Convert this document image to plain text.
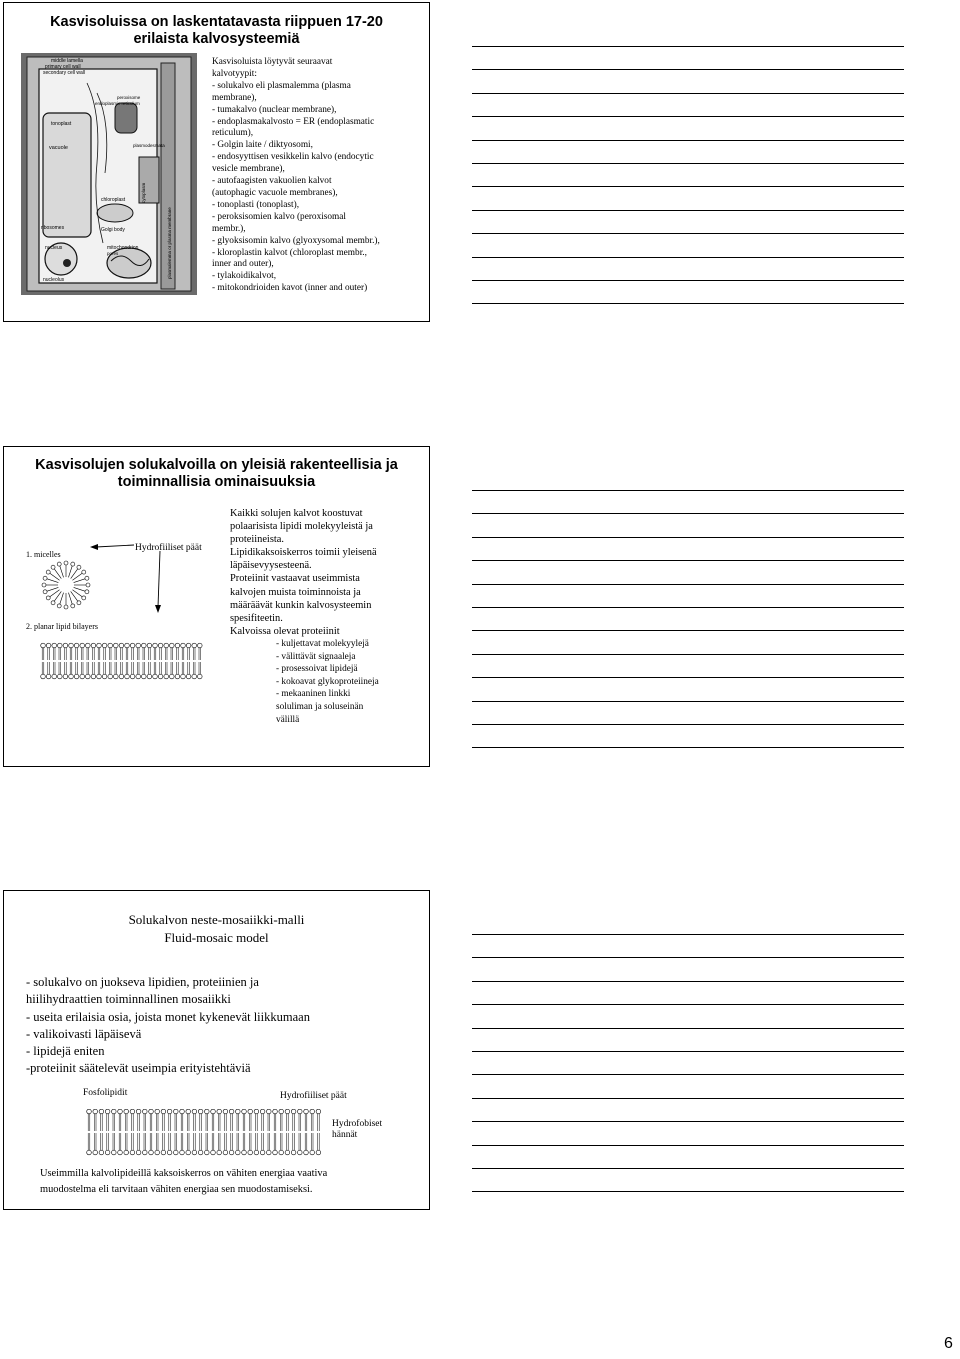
Kasvisoluissa on laskentatavasta riippuen 17-20 erilaista kalvosysteemiä
middle lamella
primary cell wall
secondary cell wall
tonoplast
vacuole
endoplasmic reticulum
peroxisome
plasmodesmata
chloroplast
ribosomes	Golgi body
nucleus
nucleolus
mitochondrion
pores	plasmalemma or plasma membrane
cytoplasm
Kasvisoluista löytyvät seuraavat
kalvotyypit:
- solukalvo eli plasmalemma (plasma
membrane),
- tumakalvo (nuclear membrane),
- endoplasmakalvosto = ER (endoplasmatic
reticulum),
- Golgin laite / diktyosomi,
- endosyyttisen vesikkelin kalvo (endocytic
vesicle membrane),
- autofaagisten vakuolien kalvot
(autophagic vacuole membranes),
- tonoplasti (tonoplast),
- peroksisomien kalvo (peroxisomal
membr.),
- glyoksisomin kalvo (glyoxysomal membr.),
- kloroplastin kalvot (chloroplast membr.,
inner and outer),
- tylakoidikalvot,
- mitokondrioiden kavot (inner and outer)
Kasvisolujen solukalvoilla on yleisiä rakenteellisia ja toiminnallisia ominaisuuksia
1. micelles
2. planar lipid bilayers
Hydrofiiliset päät
Kaikki solujen kalvot koostuvat
polaarisista lipidi molekyyleistä ja
proteiineista.
Lipidikaksoiskerros toimii yleisenä
läpäisevyysesteenä.
Proteiinit vastaavat useimmista
kalvojen muista toiminnoista ja
määräävät kunkin kalvosysteemin
spesifiteetin.
Kalvoissa olevat proteiinit
- kuljettavat molekyylejä
- välittävät signaaleja
- prosessoivat lipidejä
- kokoavat glykoproteiineja
- mekaaninen linkki
soluliman ja soluseinän
välillä
Solukalvon neste-mosaiikki-malli
Fluid-mosaic model
- solukalvo on juokseva lipidien, proteiinien ja
hiilihydraattien toiminnallinen mosaiikki
- useita erilaisia osia, joista monet kykenevät liikkumaan
- valikoivasti läpäisevä
- lipidejä eniten
-proteiinit säätelevät useimpia erityistehtäviä
Fosfolipidit	Hydrofiiliset päät
Hydrofobiset hännät
Useimmilla kalvolipideillä kaksoiskerros on vähiten energiaa vaativa
muodostelma eli tarvitaan vähiten energiaa sen muodostamiseksi.
6
